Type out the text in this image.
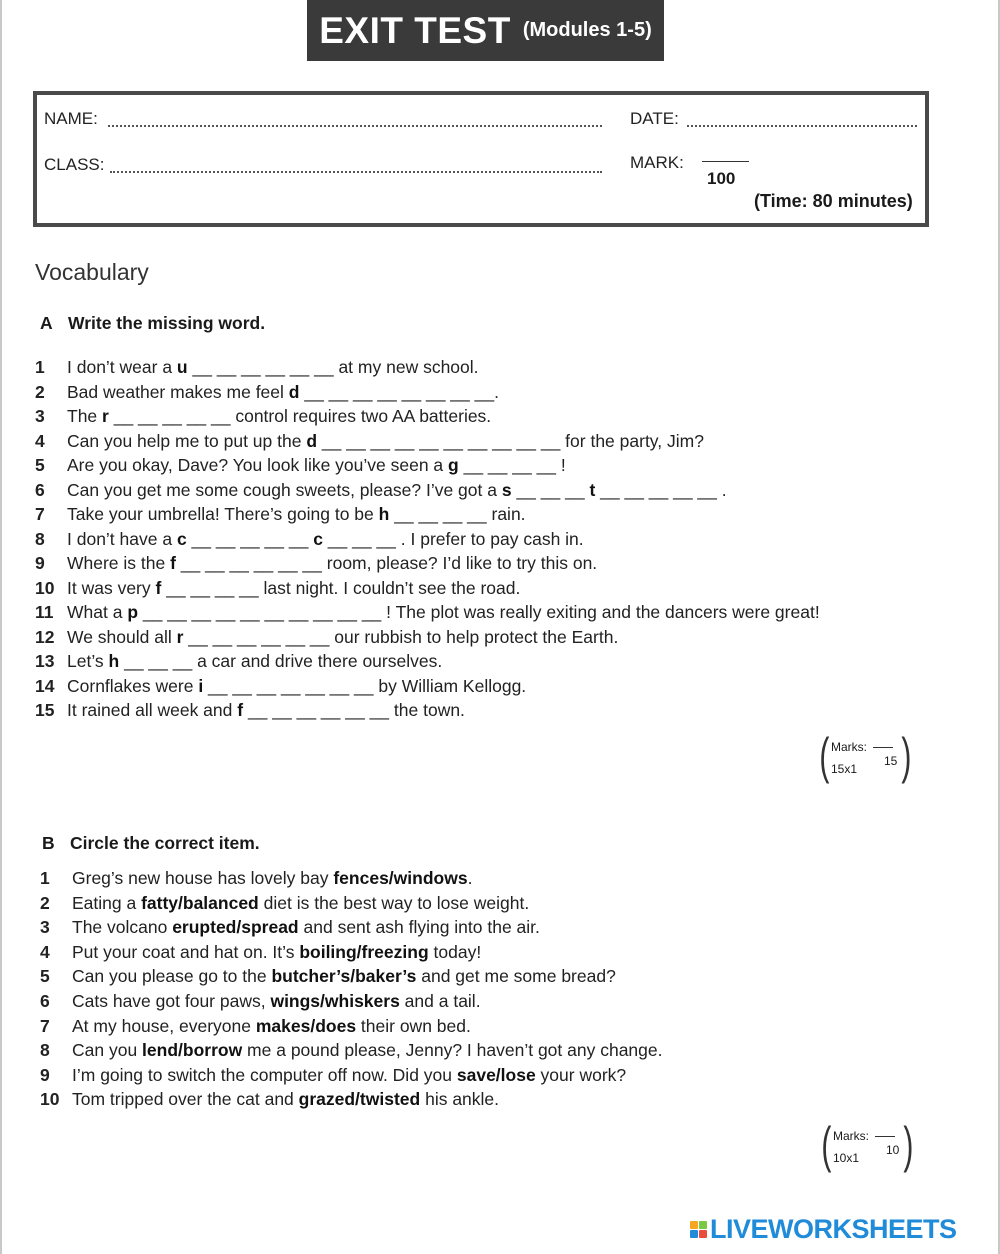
EXIT TEST (Modules 1-5)
NAME:	DATE:
CLASS:	MARK:
100
(Time: 80 minutes)
Vocabulary
A Write the missing word.
1 I don’t wear a u __ __ __ __ __ __ at my new school.
2 Bad weather makes me feel d __ __ __ __ __ __ __ __.
3 The r __ __ __ __ __ control requires two AA batteries.
4 Can you help me to put up the d __ __ __ __ __ __ __ __ __ __ for the party, Jim?
5 Are you okay, Dave? You look like you’ve seen a g __ __ __ __ !
6 Can you get me some cough sweets, please? I’ve got a s __ __ __ t __ __ __ __ __ .
7 Take your umbrella! There’s going to be h __ __ __ __ rain.
8 I don’t have a c __ __ __ __ __ c __ __ __ . I prefer to pay cash in.
9 Where is the f __ __ __ __ __ __ room, please? I’d like to try this on.
10 It was very f __ __ __ __ last night. I couldn’t see the road.
11 What a p __ __ __ __ __ __ __ __ __ __ ! The plot was really exiting and the dancers were great!
12 We should all r __ __ __ __ __ __ our rubbish to help protect the Earth.
13 Let’s h __ __ __ a car and drive there ourselves.
14 Cornflakes were i __ __ __ __ __ __ __ by William Kellogg.
15 It rained all week and f __ __ __ __ __ __ the town.
( Marks:
15x1
15 )
B Circle the correct item.
1 Greg’s new house has lovely bay fences/windows.
2 Eating a fatty/balanced diet is the best way to lose weight.
3 The volcano erupted/spread and sent ash flying into the air.
4 Put your coat and hat on. It’s boiling/freezing today!
5 Can you please go to the butcher’s/baker’s and get me some bread?
6 Cats have got four paws, wings/whiskers and a tail.
7 At my house, everyone makes/does their own bed.
8 Can you lend/borrow me a pound please, Jenny? I haven’t got any change.
9 I’m going to switch the computer off now. Did you save/lose your work?
10 Tom tripped over the cat and grazed/twisted his ankle.
( Marks:
10x1
10 )
LIVEWORKSHEETS
